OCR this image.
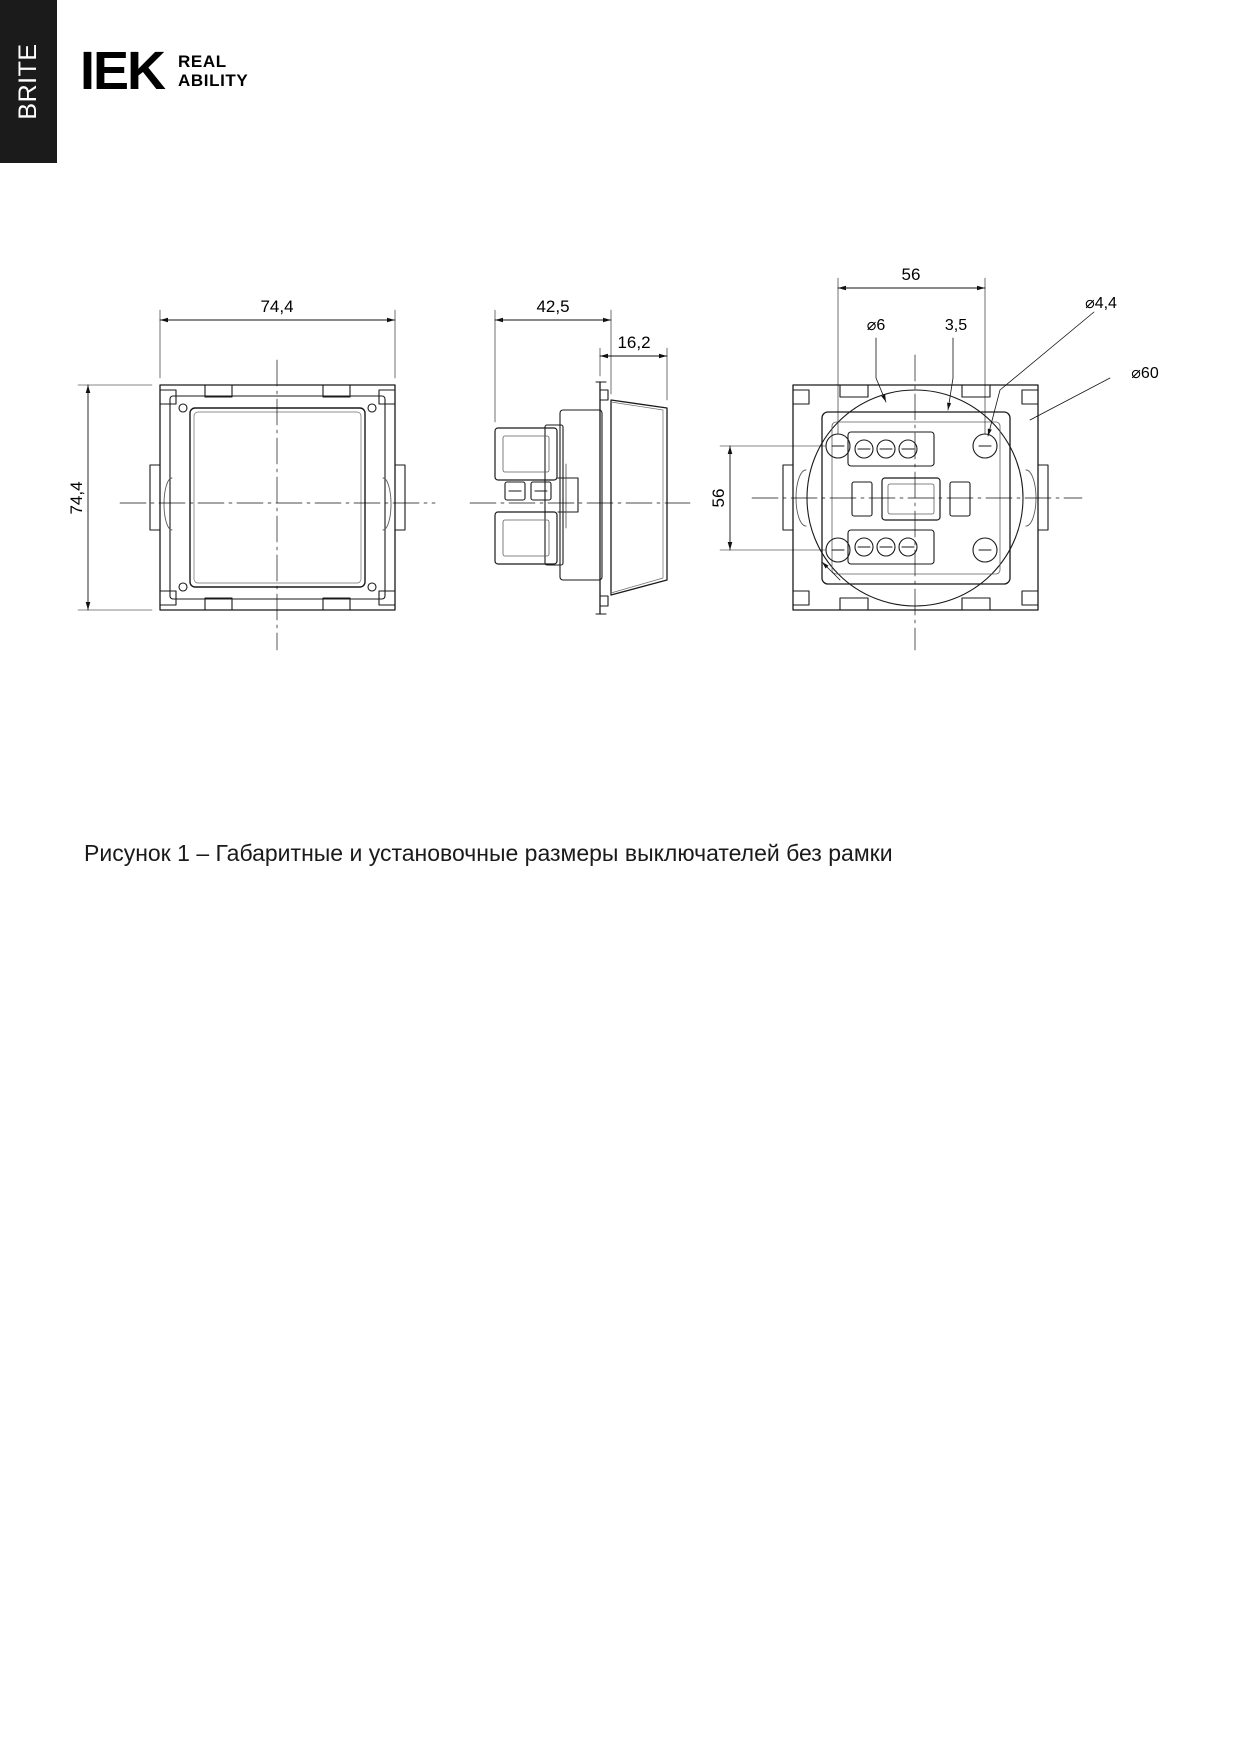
BRITE IEK REAL
ABILITY
74,4
74,4
42,5
16,2
56
56
⌀6	3,5
⌀4,4
⌀60
Рисунок 1 – Габаритные и установочные размеры выключателей без рамки
